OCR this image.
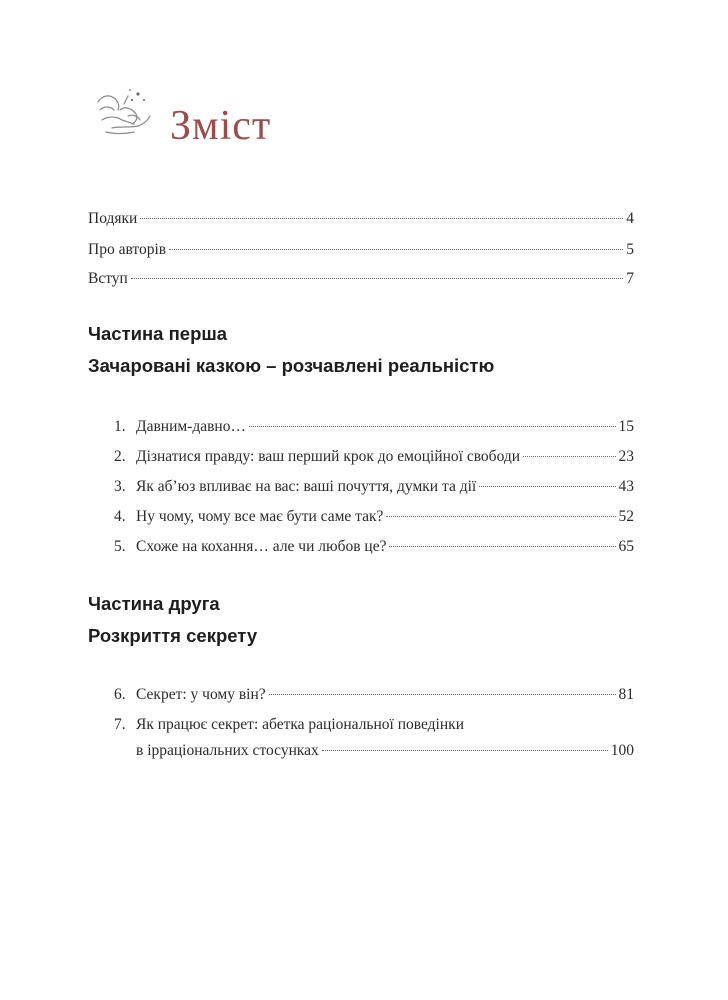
Зміст
Подяки	4
Про авторів	5
Вступ	7
Частина перша
Зачаровані казкою – розчавлені реальністю
1. Давним-давно…	15
2. Дізнатися правду: ваш перший крок до емоційної свободи	23
3. Як аб’юз впливає на вас: ваші почуття, думки та дії	43
4. Ну чому, чому все має бути саме так?	52
5. Схоже на кохання… але чи любов це?	65
Частина друга
Розкриття секрету
6. Секрет: у чому він?	81
7. Як працює секрет: абетка раціональної поведінки
в ірраціональних стосунках	100
